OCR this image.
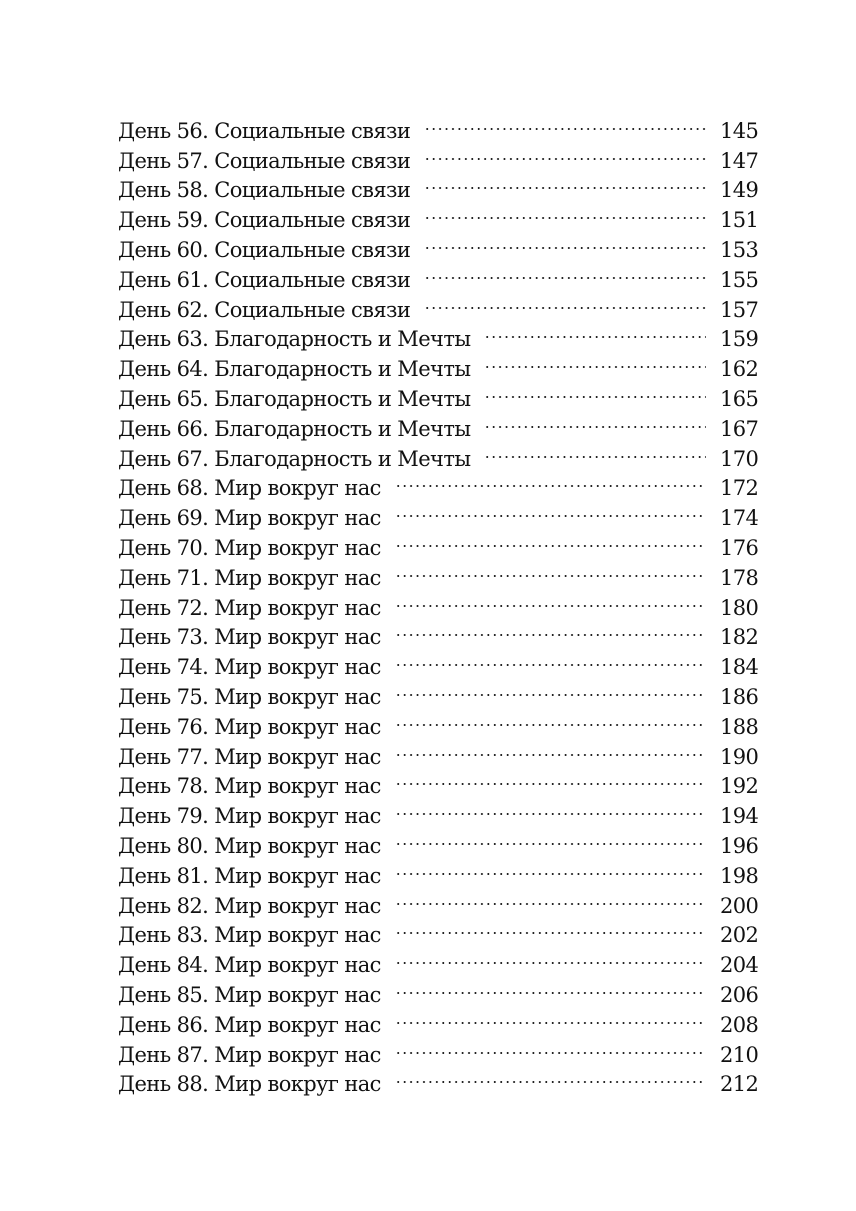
День 56. Социальные связи	145
День 57. Социальные связи	147
День 58. Социальные связи	149
День 59. Социальные связи	151
День 60. Социальные связи	153
День 61. Социальные связи	155
День 62. Социальные связи	157
День 63. Благодарность и Мечты	159
День 64. Благодарность и Мечты	162
День 65. Благодарность и Мечты	165
День 66. Благодарность и Мечты	167
День 67. Благодарность и Мечты	170
День 68. Мир вокруг нас	172
День 69. Мир вокруг нас	174
День 70. Мир вокруг нас	176
День 71. Мир вокруг нас	178
День 72. Мир вокруг нас	180
День 73. Мир вокруг нас	182
День 74. Мир вокруг нас	184
День 75. Мир вокруг нас	186
День 76. Мир вокруг нас	188
День 77. Мир вокруг нас	190
День 78. Мир вокруг нас	192
День 79. Мир вокруг нас	194
День 80. Мир вокруг нас	196
День 81. Мир вокруг нас	198
День 82. Мир вокруг нас	200
День 83. Мир вокруг нас	202
День 84. Мир вокруг нас	204
День 85. Мир вокруг нас	206
День 86. Мир вокруг нас	208
День 87. Мир вокруг нас	210
День 88. Мир вокруг нас	212
